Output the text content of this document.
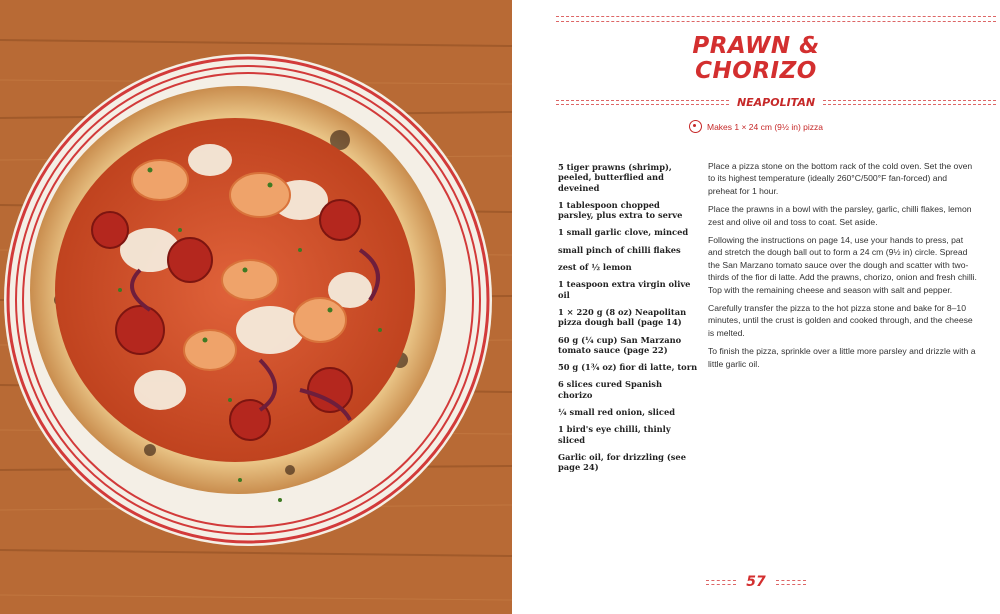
PRAWN &
CHORIZO
NEAPOLITAN
Makes 1 × 24 cm (9½ in) pizza
5 tiger prawns (shrimp), peeled, butterflied and deveined
1 tablespoon chopped parsley, plus extra to serve
1 small garlic clove, minced
small pinch of chilli flakes
zest of ½ lemon
1 teaspoon extra virgin olive oil
1 × 220 g (8 oz) Neapolitan pizza dough ball (page 14)
60 g (¼ cup) San Marzano tomato sauce (page 22)
50 g (1¾ oz) fior di latte, torn
6 slices cured Spanish chorizo
¼ small red onion, sliced
1 bird's eye chilli, thinly sliced
Garlic oil, for drizzling (see page 24)

Place a pizza stone on the bottom rack of the cold oven. Set the oven to its highest temperature (ideally 260°C/500°F fan-forced) and preheat for 1 hour.

Place the prawns in a bowl with the parsley, garlic, chilli flakes, lemon zest and olive oil and toss to coat. Set aside.

Following the instructions on page 14, use your hands to press, pat and stretch the dough ball out to form a 24 cm (9½ in) circle. Spread the San Marzano tomato sauce over the dough and scatter with two-thirds of the fior di latte. Add the prawns, chorizo, onion and fresh chilli. Top with the remaining cheese and season with salt and pepper.

Carefully transfer the pizza to the hot pizza stone and bake for 8–10 minutes, until the crust is golden and cooked through, and the cheese is melted.

To finish the pizza, sprinkle over a little more parsley and drizzle with a little garlic oil.

57
